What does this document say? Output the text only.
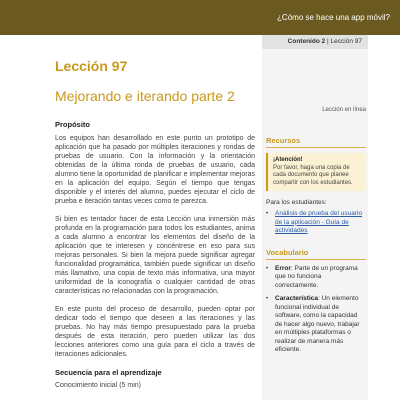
¿Cómo se hace una app móvil?
Contenido 2 | Lección 97
Lección 97
Mejorando e iterando parte 2
Lección en línea
Propósito

Los equipos han desarrollado en este punto un prototipo de aplicación que ha pasado por múltiples iteraciones y rondas de pruebas de usuario. Con la información y la orientación obtenidas de la última ronda de pruebas de usuario, cada alumno tiene la oportunidad de planificar e implementar mejoras en la aplicación del equipo. Según el tiempo que tengas disponible y el interés del alumno, puedes ejecutar el ciclo de prueba e iteración tantas veces como te parezca.

Si bien es tentador hacer de esta Lección una inmersión más profunda en la programación para todos los estudiantes, anima a cada alumno a encontrar los elementos del diseño de la aplicación que te interesen y concéntrese en eso para sus mejoras personales. Si bien la mejora puede significar agregar funcionalidad programática, también puede significar un diseño más llamativo, una copia de texto más informativa, una mayor uniformidad de la iconografía o cualquier cantidad de otras características no relacionadas con la programación.

En este punto del proceso de desarrollo, pueden optar por dedicar todo el tiempo que deseen a las iteraciones y las pruebas. No hay más tiempo presupuestado para la prueba después de esta iteración, pero pueden utilizar las dos lecciones anteriores como una guía para el ciclo a través de iteraciones adicionales.

Secuencia para el aprendizaje

Conocimiento inicial (5 min)

Recursos
¡Atención!
Por favor, haga una copia de cada documento que planee compartir con los estudiantes.
Para los estudiantes:
• Análisis de prueba del usuario de la aplicación - Guía de actividades
Vocabulario
• Error: Parte de un programa que no funciona correctamente.
• Característica: Un elemento funcional individual de software, como la capacidad de hacer algo nuevo, trabajar en múltiples plataformas o realizar de manera más eficiente.
